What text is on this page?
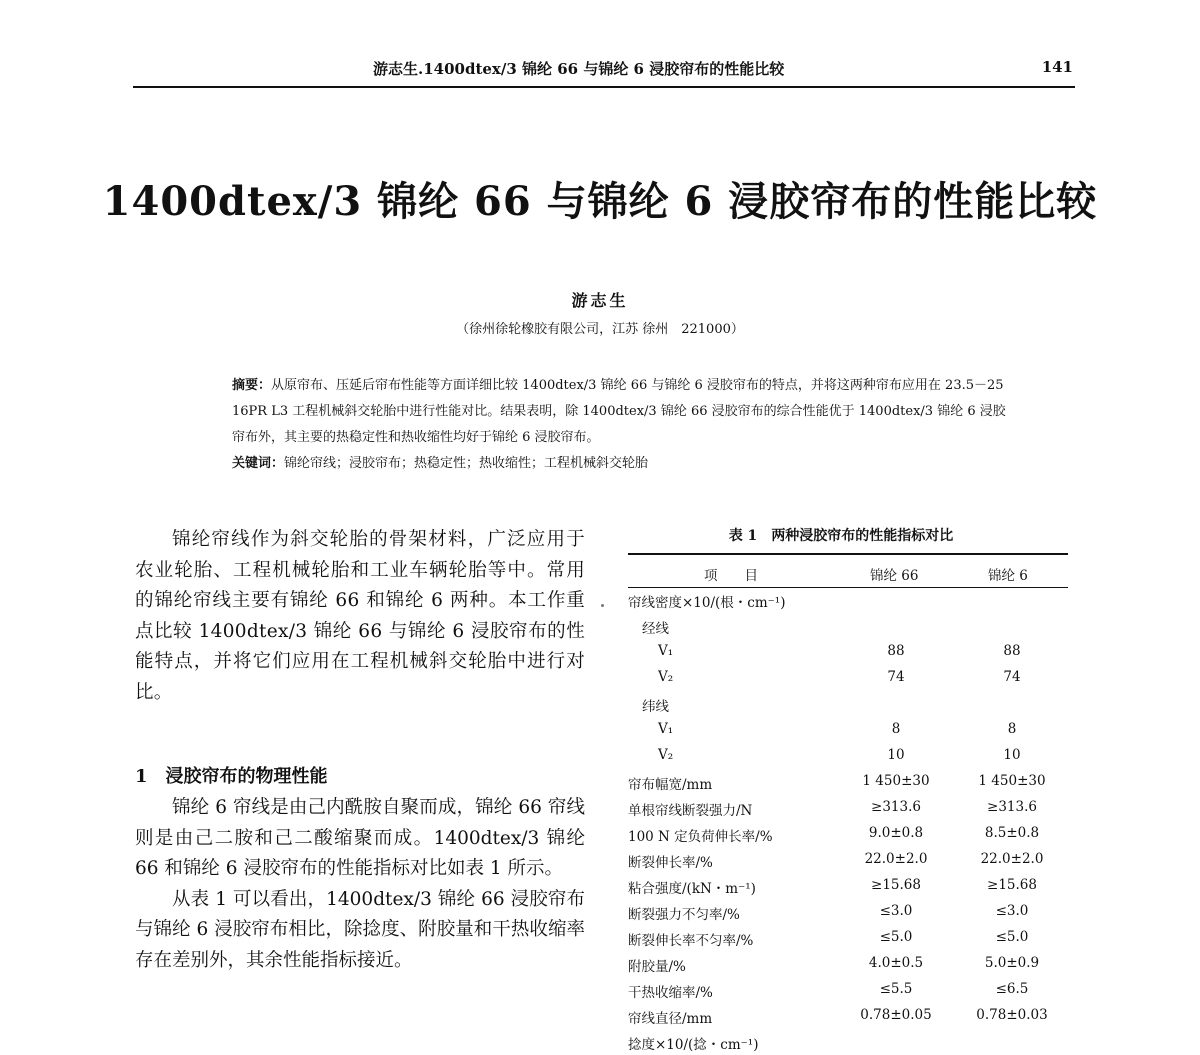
游志生.1400dtex/3 锦纶 66 与锦纶 6 浸胶帘布的性能比较	141
1400dtex/3 锦纶 66 与锦纶 6 浸胶帘布的性能比较
游志生
（徐州徐轮橡胶有限公司，江苏 徐州　221000）

摘要：从原帘布、压延后帘布性能等方面详细比较 1400dtex/3 锦纶 66 与锦纶 6 浸胶帘布的特点，并将这两种帘布应用在 23.5－25 16PR L3 工程机械斜交轮胎中进行性能对比。结果表明，除 1400dtex/3 锦纶 66 浸胶帘布的综合性能优于 1400dtex/3 锦纶 6 浸胶帘布外，其主要的热稳定性和热收缩性均好于锦纶 6 浸胶帘布。

关键词：锦纶帘线；浸胶帘布；热稳定性；热收缩性；工程机械斜交轮胎

锦纶帘线作为斜交轮胎的骨架材料，广泛应用于农业轮胎、工程机械轮胎和工业车辆轮胎等中。常用的锦纶帘线主要有锦纶 66 和锦纶 6 两种。本工作重点比较 1400dtex/3 锦纶 66 与锦纶 6 浸胶帘布的性能特点，并将它们应用在工程机械斜交轮胎中进行对比。

1　浸胶帘布的物理性能

锦纶 6 帘线是由己内酰胺自聚而成，锦纶 66 帘线则是由己二胺和己二酸缩聚而成。1400dtex/3 锦纶 66 和锦纶 6 浸胶帘布的性能指标对比如表 1 所示。

从表 1 可以看出，1400dtex/3 锦纶 66 浸胶帘布与锦纶 6 浸胶帘布相比，除捻度、附胶量和干热收缩率存在差别外，其余性能指标接近。

表 1 两种浸胶帘布的性能指标对比
项　　目	锦纶 66	锦纶 6
帘线密度×10/(根・cm⁻¹)
经线
V₁	88	88
V₂	74	74
纬线
V₁	8	8
V₂	10	10
帘布幅宽/mm	1 450±30	1 450±30
单根帘线断裂强力/N	≥313.6	≥313.6
100 N 定负荷伸长率/%	9.0±0.8	8.5±0.8
断裂伸长率/%	22.0±2.0	22.0±2.0
粘合强度/(kN・m⁻¹)	≥15.68	≥15.68
断裂强力不匀率/%	≤3.0	≤3.0
断裂伸长率不匀率/%	≤5.0	≤5.0
附胶量/%	4.0±0.5	5.0±0.9
干热收缩率/%	≤5.5	≤6.5
帘线直径/mm	0.78±0.05	0.78±0.03
捻度×10/(捻・cm⁻¹)
